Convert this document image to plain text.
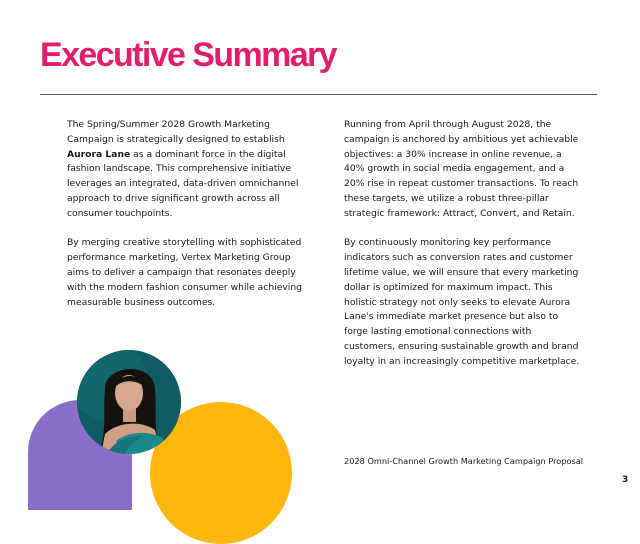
Executive Summary

The Spring/Summer 2028 Growth Marketing Campaign is strategically designed to establish Aurora Lane as a dominant force in the digital fashion landscape. This comprehensive initiative leverages an integrated, data-driven omnichannel approach to drive significant growth across all consumer touchpoints.

By merging creative storytelling with sophisticated performance marketing, Vertex Marketing Group aims to deliver a campaign that resonates deeply with the modern fashion consumer while achieving measurable business outcomes.

Running from April through August 2028, the campaign is anchored by ambitious yet achievable objectives: a 30% increase in online revenue, a 40% growth in social media engagement, and a 20% rise in repeat customer transactions. To reach these targets, we utilize a robust three-pillar strategic framework: Attract, Convert, and Retain.

By continuously monitoring key performance indicators such as conversion rates and customer lifetime value, we will ensure that every marketing dollar is optimized for maximum impact. This holistic strategy not only seeks to elevate Aurora Lane's immediate market presence but also to forge lasting emotional connections with customers, ensuring sustainable growth and brand loyalty in an increasingly competitive marketplace.

2028 Omni-Channel Growth Marketing Campaign Proposal
3
